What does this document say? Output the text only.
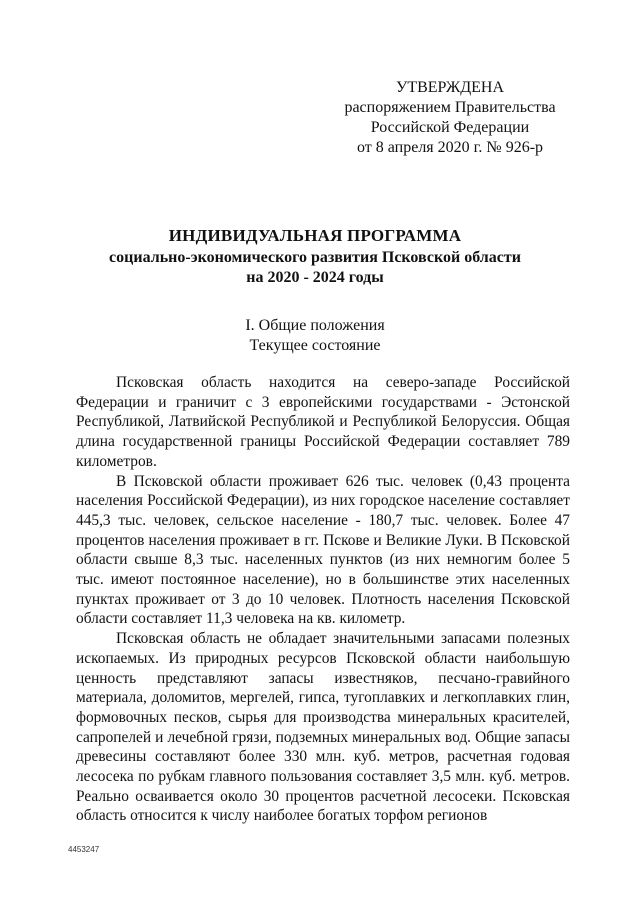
УТВЕРЖДЕНА
распоряжением Правительства
Российской Федерации
от 8 апреля 2020 г. № 926-р
ИНДИВИДУАЛЬНАЯ ПРОГРАММА
социально-экономического развития Псковской области
на 2020 - 2024 годы
I. Общие положения
Текущее состояние

Псковская область находится на северо-западе Российской Федерации и граничит с 3 европейскими государствами - Эстонской Республикой, Латвийской Республикой и Республикой Белоруссия. Общая длина государственной границы Российской Федерации составляет 789 километров.

В Псковской области проживает 626 тыс. человек (0,43 процента населения Российской Федерации), из них городское население составляет 445,3 тыс. человек, сельское население - 180,7 тыс. человек. Более 47 процентов населения проживает в гг. Пскове и Великие Луки. В Псковской области свыше 8,3 тыс. населенных пунктов (из них немногим более 5 тыс. имеют постоянное население), но в большинстве этих населенных пунктах проживает от 3 до 10 человек. Плотность населения Псковской области составляет 11,3 человека на кв. километр.

Псковская область не обладает значительными запасами полезных ископаемых. Из природных ресурсов Псковской области наибольшую ценность представляют запасы известняков, песчано-гравийного материала, доломитов, мергелей, гипса, тугоплавких и легкоплавких глин, формовочных песков, сырья для производства минеральных красителей, сапропелей и лечебной грязи, подземных минеральных вод. Общие запасы древесины составляют более 330 млн. куб. метров, расчетная годовая лесосека по рубкам главного пользования составляет 3,5 млн. куб. метров. Реально осваивается около 30 процентов расчетной лесосеки. Псковская область относится к числу наиболее богатых торфом регионов

4453247
